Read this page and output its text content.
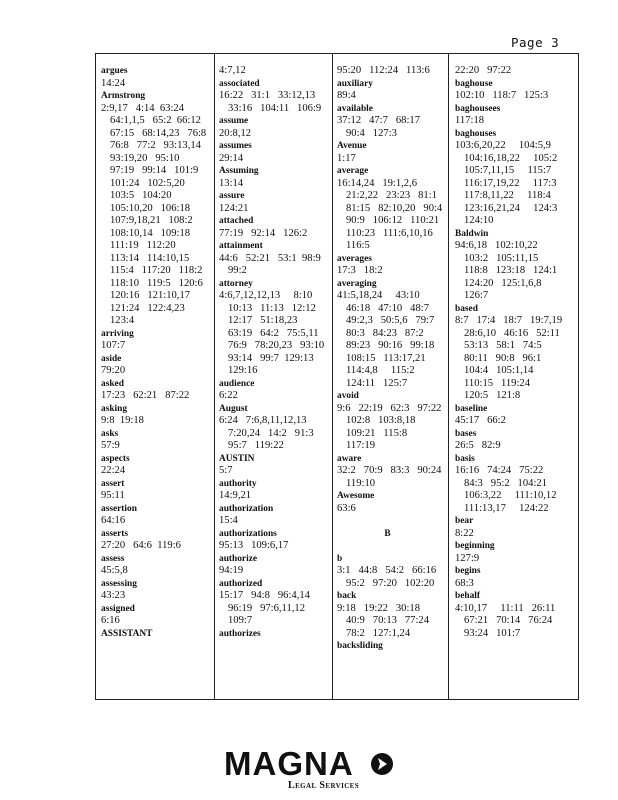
Page 3
argues
14:24
Armstrong
2:9,17   4:14  63:24
64:1,1,5   65:2  66:12
67:15   68:14,23   76:8
76:8   77:2   93:13,14
93:19,20   95:10
97:19   99:14   101:9
101:24   102:5,20
103:5   104:20
105:10,20   106:18
107:9,18,21   108:2
108:10,14   109:18
111:19   112:20
113:14   114:10,15
115:4   117:20   118:2
118:10   119:5   120:6
120:16   121:10,17
121:24   122:4,23
123:4
arriving
107:7
aside
79:20
asked
17:23   62:21   87:22
asking
9:8  19:18
asks
57:9
aspects
22:24
assert
95:11
assertion
64:16
asserts
27:20   64:6  119:6
assess
45:5,8
assessing
43:23
assigned
6:16
ASSISTANT
4:7,12
associated
16:22   31:1   33:12,13
33:16   104:11   106:9
assume
20:8,12
assumes
29:14
Assuming
13:14
assure
124:21
attached
77:19   92:14   126:2
attainment
44:6   52:21   53:1  98:9
99:2
attorney
4:6,7,12,12,13     8:10
10:13   11:13   12:12
12:17   51:18,23
63:19   64:2   75:5,11
76:9   78:20,23   93:10
93:14   99:7  129:13
129:16
audience
6:22
August
6:24   7:6,8,11,12,13
7:20,24   14:2   91:3
95:7   119:22
AUSTIN
5:7
authority
14:9,21
authorization
15:4
authorizations
95:13   109:6,17
authorize
94:19
authorized
15:17   94:8   96:4,14
96:19   97:6,11,12
109:7
authorizes
95:20   112:24   113:6
auxiliary
89:4
available
37:12   47:7   68:17
90:4   127:3
Avenue
1:17
average
16:14,24   19:1,2,6
21:2,22   23:23   81:1
81:15   82:10,20   90:4
90:9   106:12   110:21
110:23   111:6,10,16
116:5
averages
17:3   18:2
averaging
41:5,18,24     43:10
46:18   47:10   48:7
49:2,3   50:5,6   79:7
80:3   84:23   87:2
89:23   90:16   99:18
108:15   113:17,21
114:4,8     115:2
124:11   125:7
avoid
9:6   22:19   62:3   97:22
102:8   103:8,18
109:21   115:8
117:19
aware
32:2   70:9   83:3   90:24
119:10
Awesome
63:6
B
b
3:1   44:8   54:2   66:16
95:2   97:20   102:20
back
9:18   19:22   30:18
40:9   70:13   77:24
78:2   127:1,24
backsliding
22:20   97:22
baghouse
102:10   118:7   125:3
baghousees
117:18
baghouses
103:6,20,22     104:5,9
104:16,18,22     105:2
105:7,11,15     115:7
116:17,19,22     117:3
117:8,11,22     118:4
123:16,21,24     124:3
124:10
Baldwin
94:6,18   102:10,22
103:2   105:11,15
118:8   123:18   124:1
124:20   125:1,6,8
126:7
based
8:7   17:4   18:7   19:7,19
28:6,10   46:16   52:11
53:13   58:1   74:5
80:11   90:8   96:1
104:4   105:1,14
110:15   119:24
120:5   121:8
baseline
45:17   66:2
bases
26:5   82:9
basis
16:16   74:24   75:22
84:3   95:2   104:21
106:3,22     111:10,12
111:13,17     124:22
bear
8:22
beginning
127:9
begins
68:3
behalf
4:10,17     11:11   26:11
67:21   70:14   76:24
93:24   101:7
MAGNA
Legal Services
